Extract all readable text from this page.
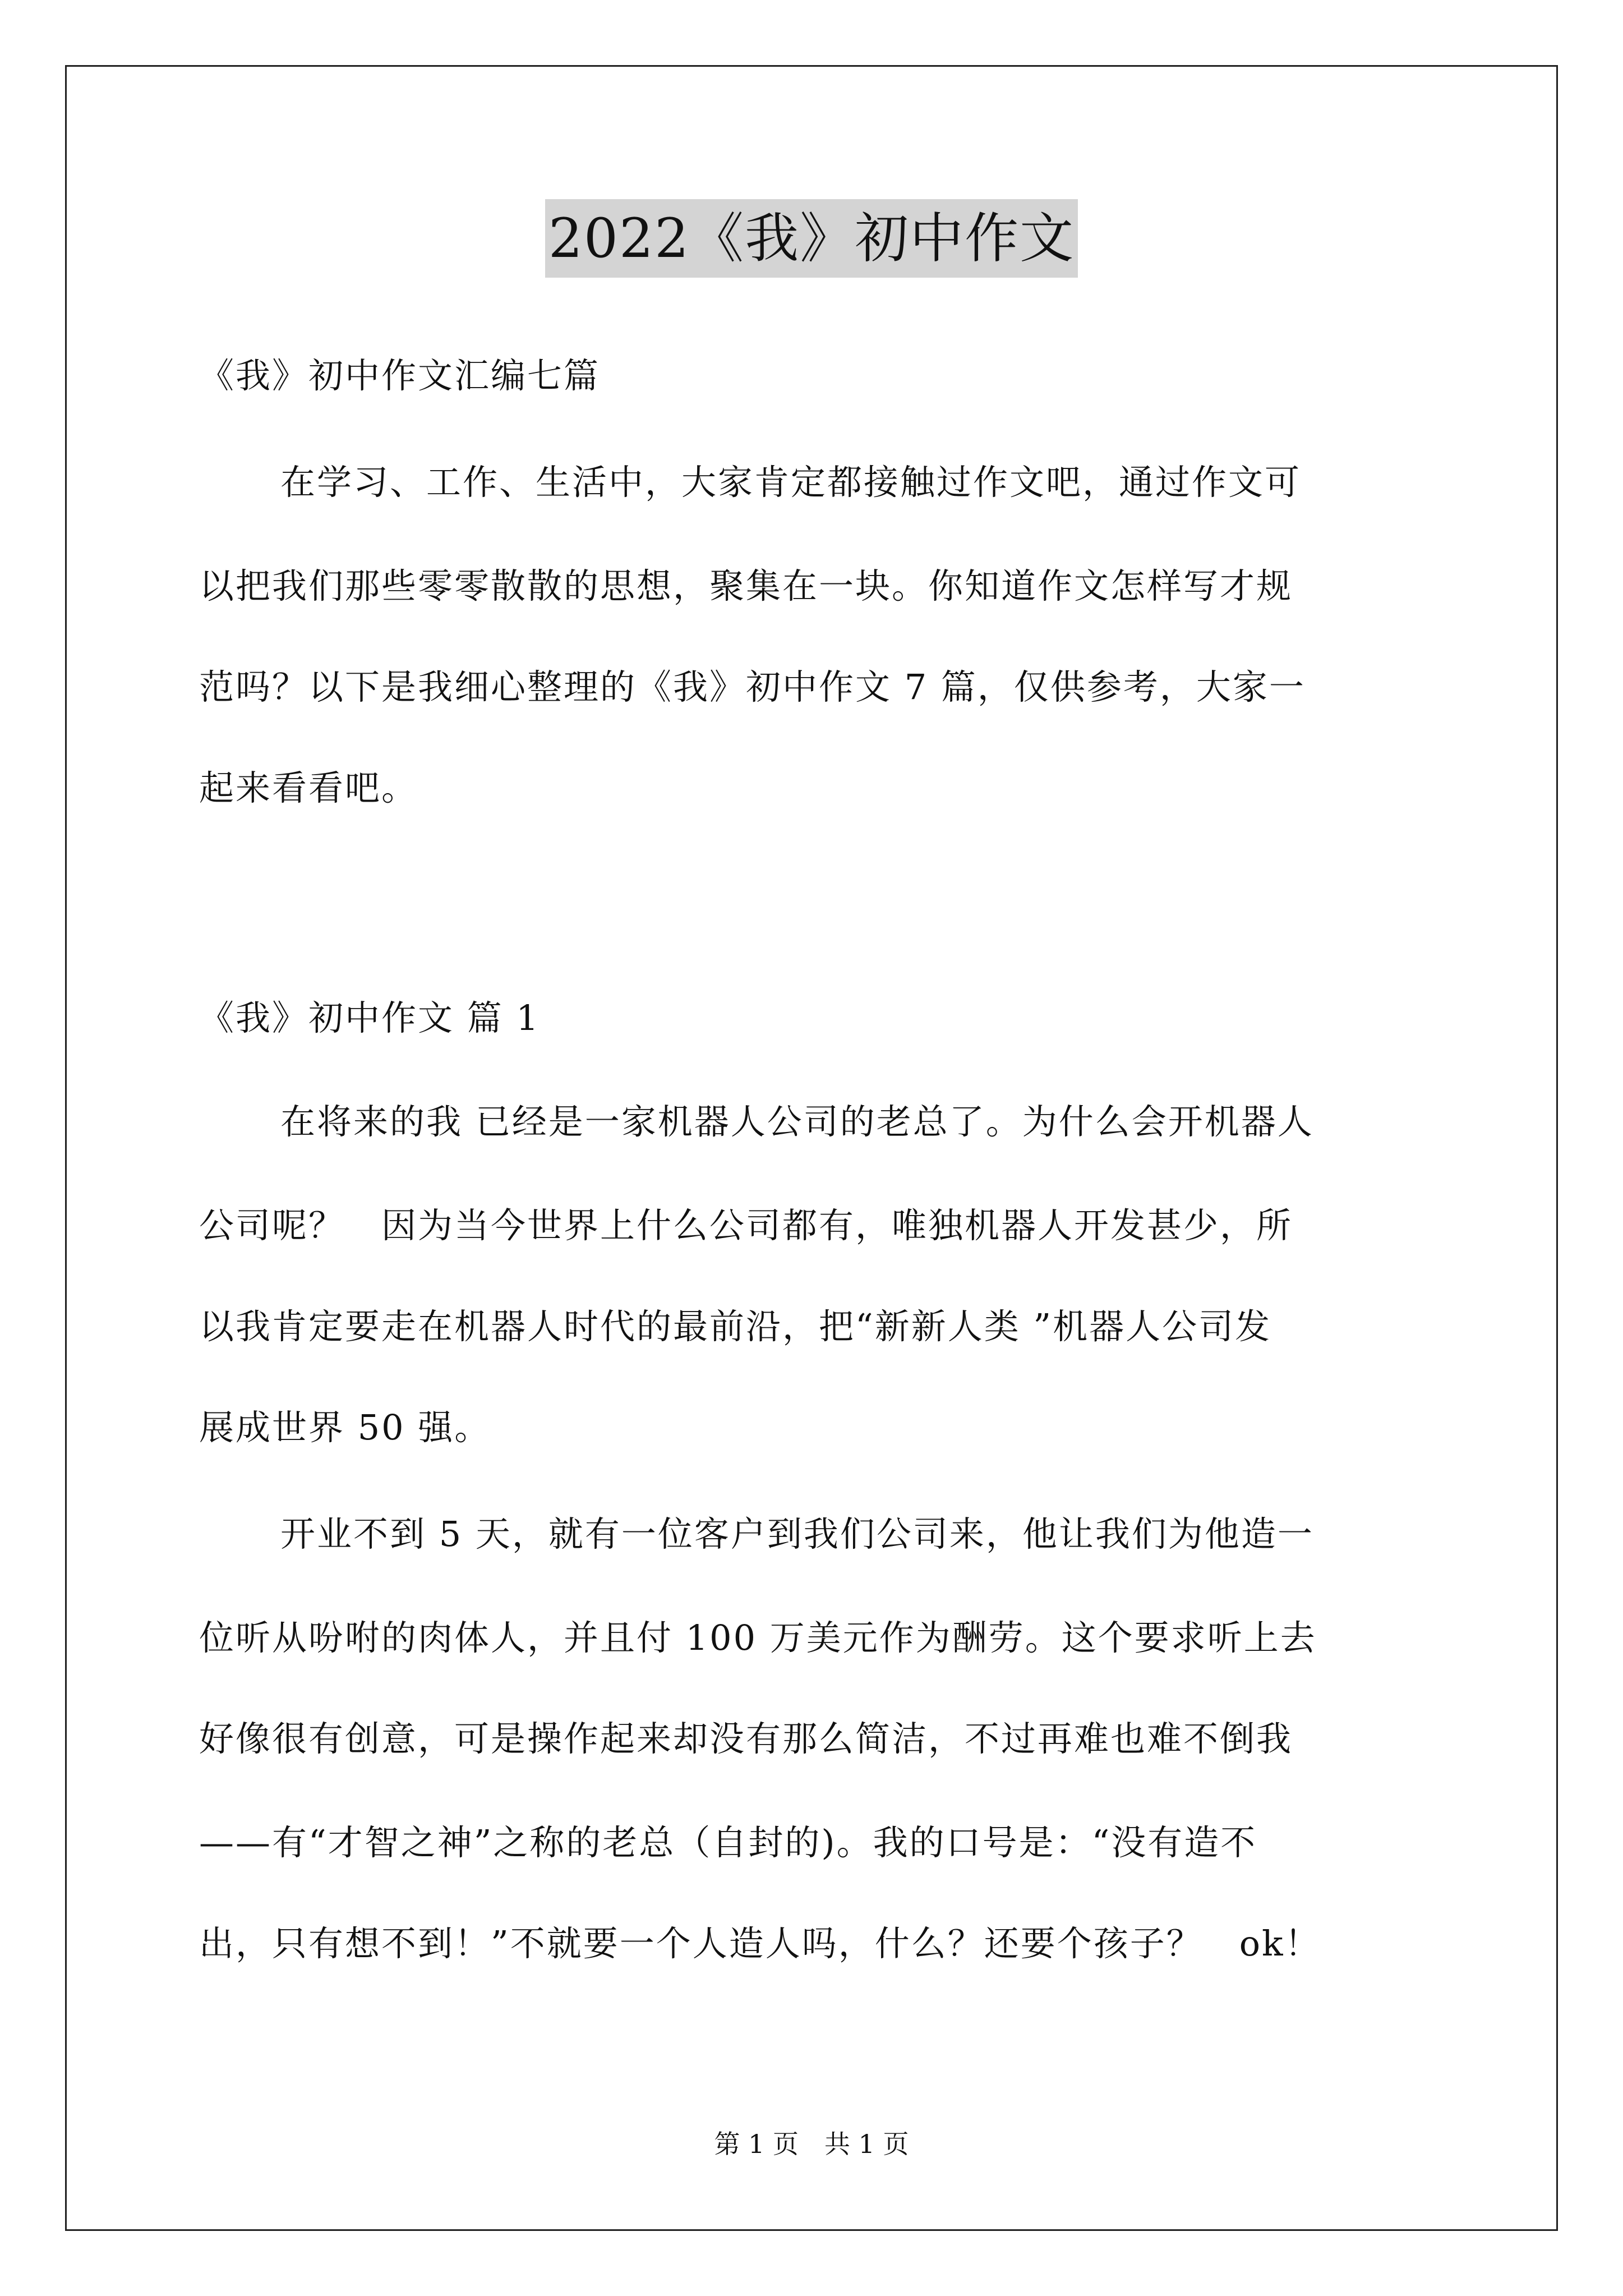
2022《我》初中作文

《我》初中作文汇编七篇

在学习、工作、生活中，大家肯定都接触过作文吧，通过作文可

以把我们那些零零散散的思想，聚集在一块。你知道作文怎样写才规

范吗？以下是我细心整理的《我》初中作文 7 篇，仅供参考，大家一

起来看看吧。

《我》初中作文 篇 1

在将来的我 已经是一家机器人公司的老总了。为什么会开机器人

公司呢？　因为当今世界上什么公司都有，唯独机器人开发甚少，所

以我肯定要走在机器人时代的最前沿，把“新新人类 ”机器人公司发

展成世界 50 强。

开业不到 5 天，就有一位客户到我们公司来，他让我们为他造一

位听从吩咐的肉体人，并且付 100 万美元作为酬劳。这个要求听上去

好像很有创意，可是操作起来却没有那么简洁，不过再难也难不倒我

——有“才智之神”之称的老总（自封的)。我的口号是：“没有造不

出，只有想不到！”不就要一个人造人吗，什么？还要个孩子？　ok！

第 1 页　共 1 页
